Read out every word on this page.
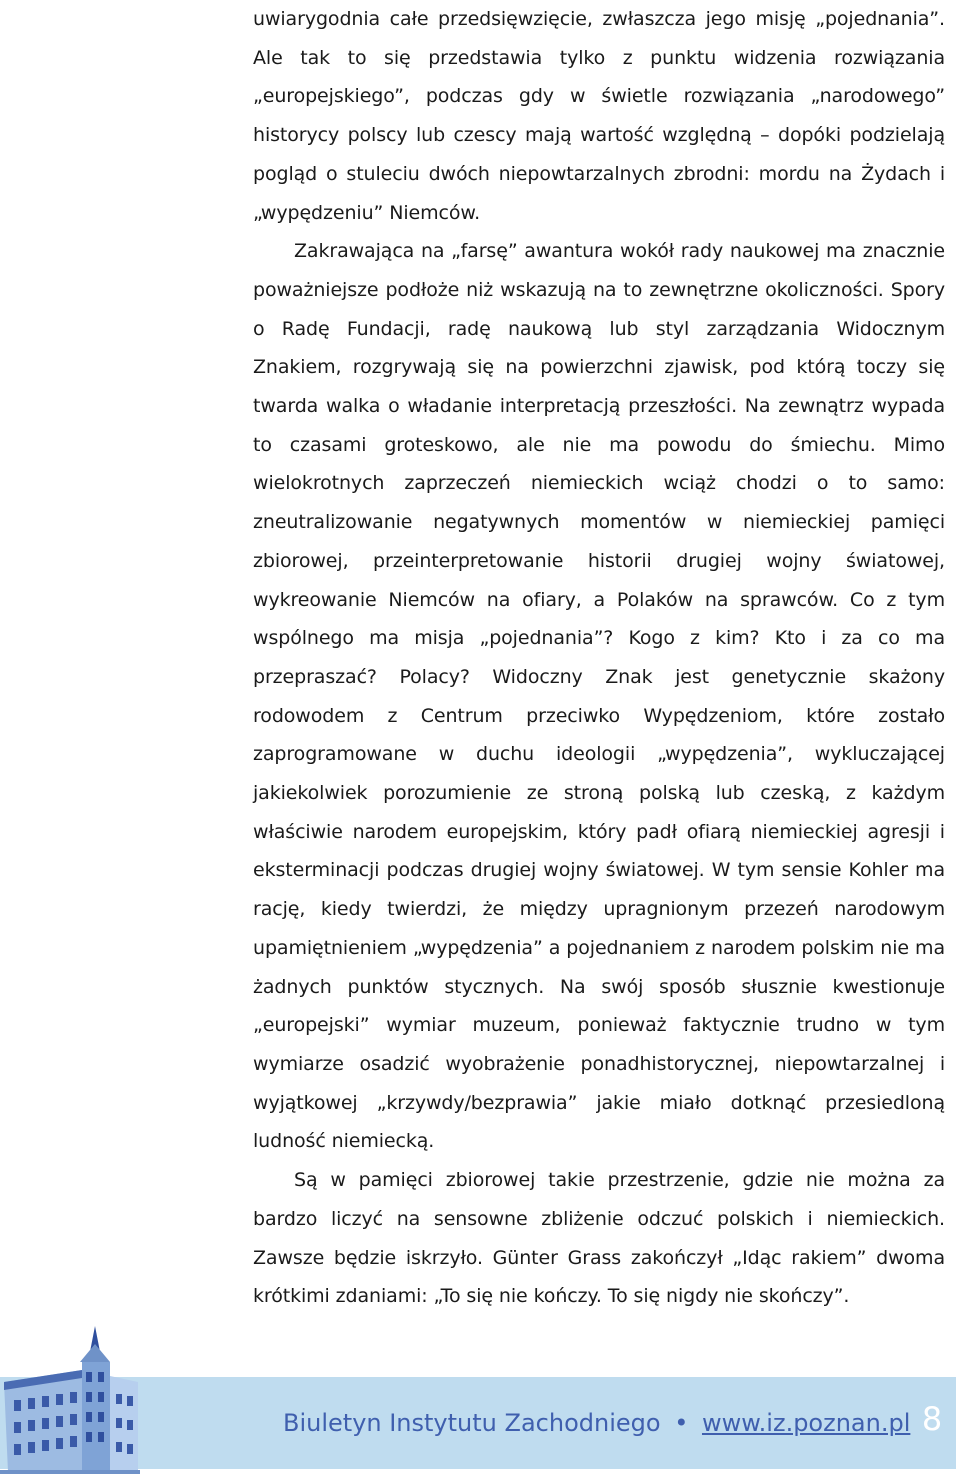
uwiarygodnia całe przedsięwzięcie, zwłaszcza jego misję „pojednania”. Ale tak to się przedstawia tylko z punktu widzenia rozwiązania „europejskiego”, podczas gdy w świetle rozwiązania „narodowego” historycy polscy lub czescy mają wartość względną – dopóki podzielają pogląd o stuleciu dwóch niepowtarzalnych zbrodni: mordu na Żydach i „wypędzeniu” Niemców.

Zakrawająca na „farsę” awantura wokół rady naukowej ma znacznie poważniejsze podłoże niż wskazują na to zewnętrzne okoliczności. Spory o Radę Fundacji, radę naukową lub styl zarządzania Widocznym Znakiem, rozgrywają się na powierzchni zjawisk, pod którą toczy się twarda walka o władanie interpretacją przeszłości. Na zewnątrz wypada to czasami groteskowo, ale nie ma powodu do śmiechu. Mimo wielokrotnych zaprzeczeń niemieckich wciąż chodzi o to samo: zneutralizowanie negatywnych momentów w niemieckiej pamięci zbiorowej, przeinterpretowanie historii drugiej wojny światowej, wykreowanie Niemców na ofiary, a Polaków na sprawców. Co z tym wspólnego ma misja „pojednania”? Kogo z kim? Kto i za co ma przepraszać? Polacy? Widoczny Znak jest genetycznie skażony rodowodem z Centrum przeciwko Wypędzeniom, które zostało zaprogramowane w duchu ideologii „wypędzenia”, wykluczającej jakiekolwiek porozumienie ze stroną polską lub czeską, z każdym właściwie narodem europejskim, który padł ofiarą niemieckiej agresji i eksterminacji podczas drugiej wojny światowej. W tym sensie Kohler ma rację, kiedy twierdzi, że między upragnionym przezeń narodowym upamiętnieniem „wypędzenia” a pojednaniem z narodem polskim nie ma żadnych punktów stycznych. Na swój sposób słusznie kwestionuje „europejski” wymiar muzeum, ponieważ faktycznie trudno w tym wymiarze osadzić wyobrażenie ponadhistorycznej, niepowtarzalnej i wyjątkowej „krzywdy/bezprawia” jakie miało dotknąć przesiedloną ludność niemiecką.

Są w pamięci zbiorowej takie przestrzenie, gdzie nie można za bardzo liczyć na sensowne zbliżenie odczuć polskich i niemieckich. Zawsze będzie iskrzyło. Günter Grass zakończył „Idąc rakiem” dwoma krótkimi zdaniami: „To się nie kończy. To się nigdy nie skończy”.

Biuletyn Instytutu Zachodniego • www.iz.poznan.pl 8
